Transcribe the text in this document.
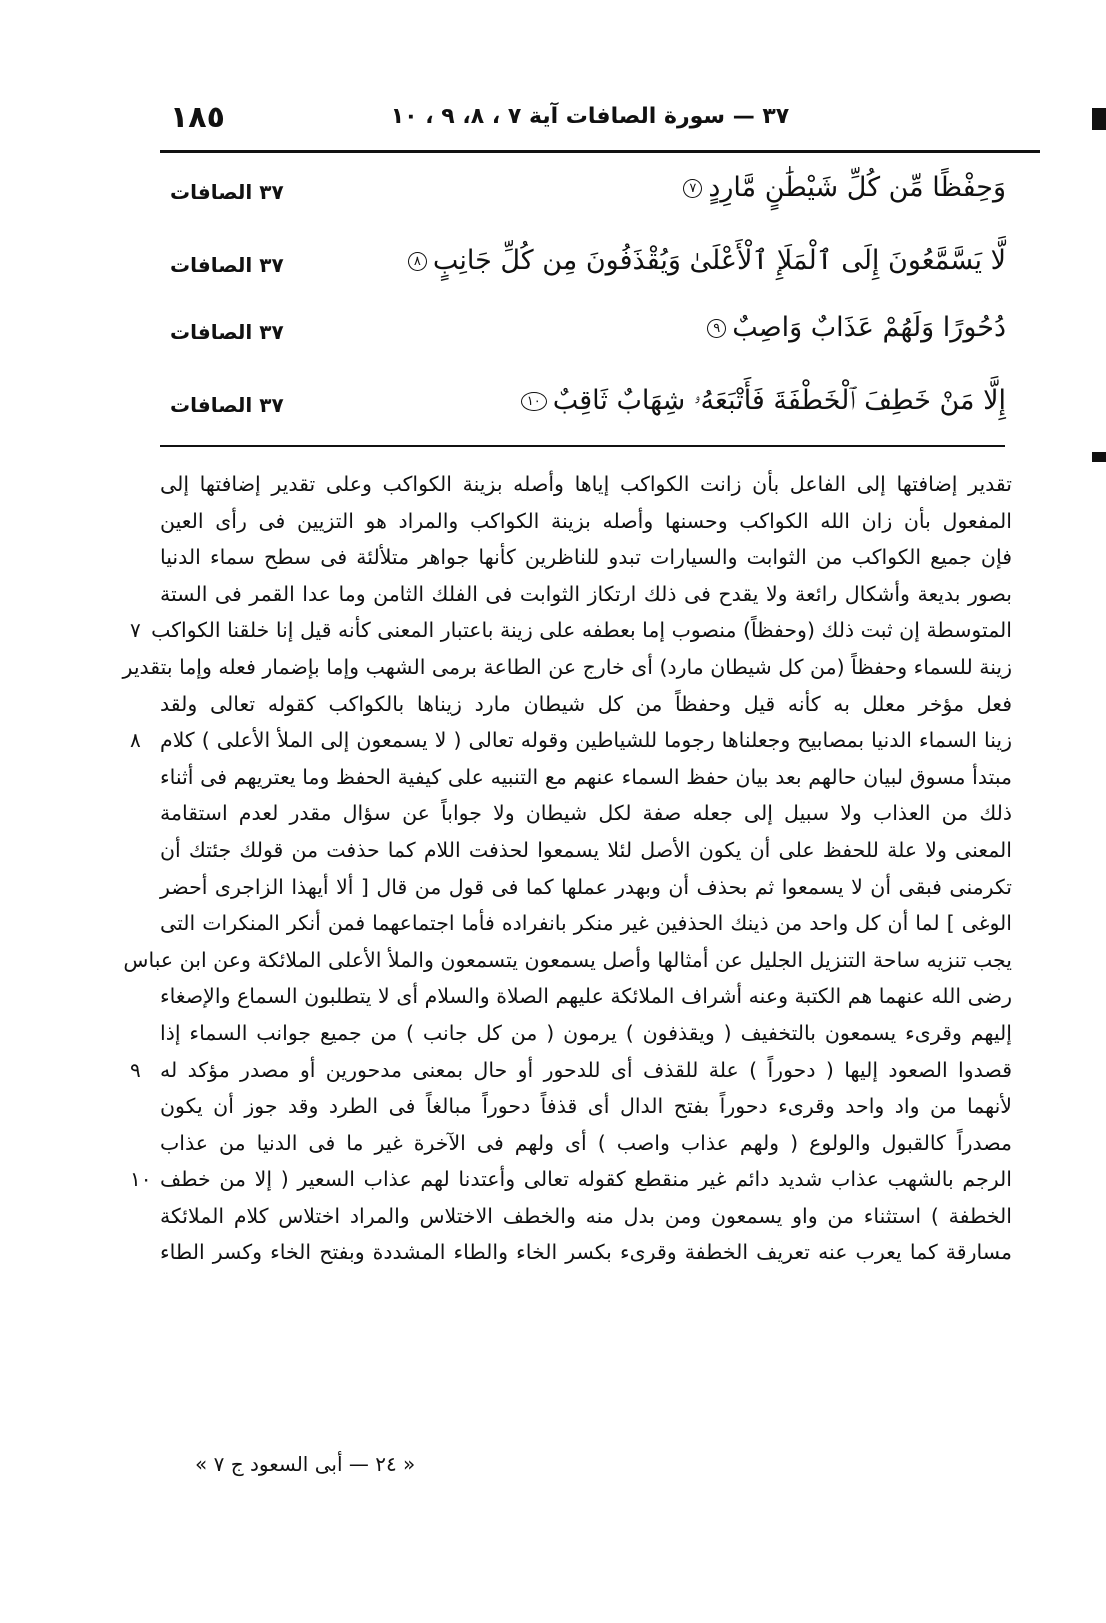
١٨٥	٣٧ — سورة الصافات آية ٧ ، ٨، ٩ ، ١٠
وَحِفْظًا مِّن كُلِّ شَيْطَٰنٍ مَّارِدٍ٧
٣٧ الصافات
لَّا يَسَّمَّعُونَ إِلَى ٱلْمَلَإِ ٱلْأَعْلَىٰ وَيُقْذَفُونَ مِن كُلِّ جَانِبٍ٨
٣٧ الصافات
دُحُورًا وَلَهُمْ عَذَابٌ وَاصِبٌ٩
٣٧ الصافات
إِلَّا مَنْ خَطِفَ ٱلْخَطْفَةَ فَأَتْبَعَهُۥ شِهَابٌ ثَاقِبٌ١٠
٣٧ الصافات
تقدير إضافتها إلى الفاعل بأن زانت الكواكب إياها وأصله بزينة الكواكب وعلى تقدير إضافتها إلى
المفعول بأن زان الله الكواكب وحسنها وأصله بزينة الكواكب والمراد هو التزيين فى رأى العين
فإن جميع الكواكب من الثوابت والسيارات تبدو للناظرين كأنها جواهر متلألئة فى سطح سماء الدنيا
بصور بديعة وأشكال رائعة ولا يقدح فى ذلك ارتكاز الثوابت فى الفلك الثامن وما عدا القمر فى الستة
المتوسطة إن ثبت ذلك (وحفظاً) منصوب إما بعطفه على زينة باعتبار المعنى كأنه قيل إنا خلقنا الكواكب
٧
زينة للسماء وحفظاً (من كل شيطان مارد) أى خارج عن الطاعة برمى الشهب وإما بإضمار فعله وإما بتقدير
فعل مؤخر معلل به كأنه قيل وحفظاً من كل شيطان مارد زيناها بالكواكب كقوله تعالى ولقد
زينا السماء الدنيا بمصابيح وجعلناها رجوما للشياطين وقوله تعالى ( لا يسمعون إلى الملأ الأعلى ) كلام
٨
مبتدأ مسوق لبيان حالهم بعد بيان حفظ السماء عنهم مع التنبيه على كيفية الحفظ وما يعتريهم فى أثناء
ذلك من العذاب ولا سبيل إلى جعله صفة لكل شيطان ولا جواباً عن سؤال مقدر لعدم استقامة
المعنى ولا علة للحفظ على أن يكون الأصل لئلا يسمعوا لحذفت اللام كما حذفت من قولك جئتك أن
تكرمنى فبقى أن لا يسمعوا ثم بحذف أن وبهدر عملها كما فى قول من قال [ ألا أيهذا الزاجرى أحضر
الوغى ] لما أن كل واحد من ذينك الحذفين غير منكر بانفراده فأما اجتماعهما فمن أنكر المنكرات التى
يجب تنزيه ساحة التنزيل الجليل عن أمثالها وأصل يسمعون يتسمعون والملأ الأعلى الملائكة وعن ابن عباس
رضى الله عنهما هم الكتبة وعنه أشراف الملائكة عليهم الصلاة والسلام أى لا يتطلبون السماع والإصغاء
إليهم وقرىء يسمعون بالتخفيف ( ويقذفون ) يرمون ( من كل جانب ) من جميع جوانب السماء إذا
قصدوا الصعود إليها ( دحوراً ) علة للقذف أى للدحور أو حال بمعنى مدحورين أو مصدر مؤكد له
٩
لأنهما من واد واحد وقرىء دحوراً بفتح الدال أى قذفاً دحوراً مبالغاً فى الطرد وقد جوز أن يكون
مصدراً كالقبول والولوع ( ولهم عذاب واصب ) أى ولهم فى الآخرة غير ما فى الدنيا من عذاب
الرجم بالشهب عذاب شديد دائم غير منقطع كقوله تعالى وأعتدنا لهم عذاب السعير ( إلا من خطف
١٠
الخطفة ) استثناء من واو يسمعون ومن بدل منه والخطف الاختلاس والمراد اختلاس كلام الملائكة
مسارقة كما يعرب عنه تعريف الخطفة وقرىء بكسر الخاء والطاء المشددة وبفتح الخاء وكسر الطاء
« ٢٤ — أبى السعود ج ٧ »
